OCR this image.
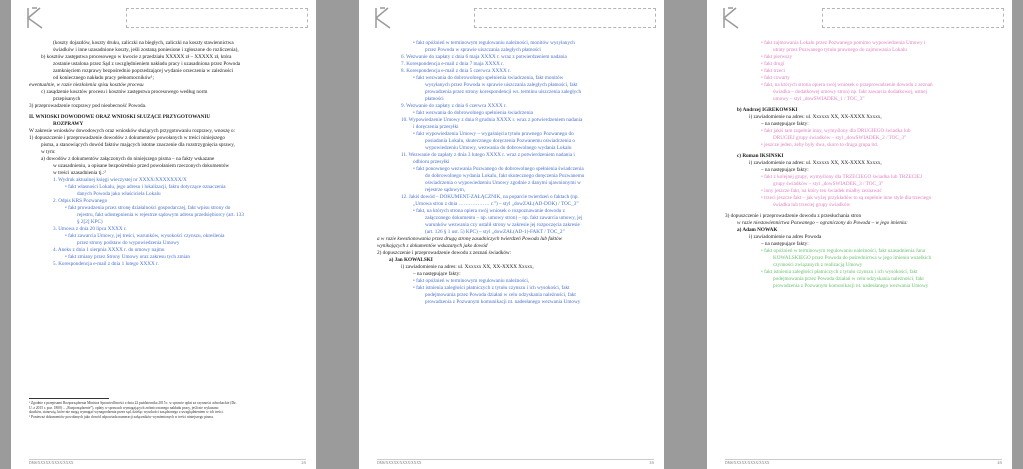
(koszty dojazdów, koszty druku, zaliczki na biegłych, zaliczki na koszty stawiennictwa
świadków i inne uzasadnione koszty, jeśli zostaną poniesione i zgłoszone do rozliczenia),
b) kosztów zastępstwa procesowego w kwocie z przedziału XXXXX zł – XXXXX zł, która
zostanie ustalona przez Sąd z uwzględnieniem nakładu pracy i uzasadniona przez Powoda
zamknięciem rozprawy bezpośrednio poprzedzającej wydanie orzeczenia w zależności
od koniecznego nakładu pracy pełnomocników¹;
ewentualnie, w razie niezłożenia spisu kosztów procesu
c) zasądzenie kosztów procesu i kosztów zastępstwa procesowego według norm
przepisanych
3) przeprowadzenie rozprawy pod nieobecność Powoda.
II. WNIOSKI DOWODOWE ORAZ WNIOSKI SŁUŻĄCE PRZYGOTOWANIU
ROZPRAWY
W zakresie wniosków dowodowych oraz wniosków służących przygotowaniu rozprawy, wnoszę o:
1) dopuszczenie i przeprowadzenie dowodów z dokumentów powołanych w treści niniejszego
pisma, a stanowiących dowód faktów mających istotne znaczenie dla rozstrzygnięcia sprawy,
w tym:
a) dowodów z dokumentów załączonych do niniejszego pisma – na fakty wskazane
w uzasadnieniu, a opisane bezpośrednio przed powołaniem rzeczonych dokumentów
w treści uzasadnienia tj.:²
1. Wydruk aktualnej księgi wieczystej nr XXXX/XXXXXXX/X
• fakt własności Lokalu, jego adresu i lokalizacji, faktu dotyczące oznaczenia
danych Powoda jako właściciela Lokalu
2. Odpis KRS Pozwanego
• fakt prowadzenia przez stronę działalności gospodarczej, fakt wpisu strony do
rejestru, fakt udostępnienia w rejestrze sądowym adresu przedsiębiorcy (art. 133
§ 2[2] KPC)
3. Umowa z dnia 20 lipca XXXX r.
• fakt zawarcia Umowy, jej treści, warunków, wysokości czynszu, określenia
przez strony podstaw do wypowiedzenia Umowy
4. Aneks z dnia 1 sierpnia XXXX r. do umowy najmu
• fakt zmiany przez Strony Umowy oraz zakresu tych zmian
5. Korespondencja e-mail z dnia 1 lutego XXXX r.
¹ Zgodnie z przepisami Rozporządzenia Ministra Sprawiedliwości z dnia 22 października 2015 r. w sprawie opłat za czynności adwokackie (Dz.
U. z 2015 r. poz. 1800) – „Rozporządzenie”), opłaty w sprawach wymagających zróżnicowanego nakładu pracy, jeśli nie wykazano
skutków, stanowią, które nie mogą wymagać wynagrodzenia przez sąd, dzieląc wysokości zasądzonego z uwzględnieniem w ich treści.
² Ponieważ dokumentów powołanych jako dowód odpowiada numeracji załączników wymienionych w treści niniejszego pisma.
DMS/XXXXX/XXXX/XXXX	2/6
• fakt opóźnień w terminowym regulowaniu należności, monitów wysyłanych
przez Powoda w sprawie uiszczania zaległych płatności
6. Wezwanie do zapłaty z dnia 6 maja XXXX r. wraz z potwierdzeniem nadania
7. Korespondencja e-mail z dnia 7 maja XXXX r.
8. Korespondencja e-mail z dnia 5 czerwca XXXX r.
• fakt wezwania do dobrowolnego spełnienia świadczenia, fakt monitów
wysyłanych przez Powoda w sprawie uiszczania zaległych płatności, fakt
prowadzenia przez strony korespondencji ws. terminu uiszczenia zaległych
płatności
9. Wezwanie do zapłaty z dnia 6 czerwca XXXX r.
• fakt wezwania do dobrowolnego spełnienia świadczenia
10. Wypowiedzenie Umowy z dnia 8 grudnia XXXX r. wraz z potwierdzeniem nadania
i doręczenia przesyłki
• fakt wypowiedzenia Umowy – wygaśnięcia tytułu prawnego Pozwanego do
posiadania Lokalu, skutecznego doręczenia Pozwanemu oświadczenia o
wypowiedzeniu Umowy, wezwania do dobrowolnego wydania Lokalu
11. Wezwanie do zapłaty z dnia 3 lutego XXXX r. wraz z potwierdzeniem nadania i
odbioru przesyłki
• fakt ponownego wezwania Pozwanego do dobrowolnego spełnienia świadczenia
do dobrowolnego wydania Lokalu, fakt skutecznego doręczenia Pozwanemu
oświadczenia o wypowiedzeniu Umowy zgodnie z danymi ujawnionymi w
rejestrze sądowym,
12. Jakiś dowód – DOKUMENT-ZAŁĄCZNIK, na poparcie twierdzeń o faktach (np.
„Umowa stron z dnia ……………… r.”) – styl „dowZAŁ(AD-DOK) / TOC_3”
• fakt, na których strona opiera swój wniosek o rozpoznawanie dowodu z
załączonego dokumentu – np. umowy stron) – np. fakt zawarcia umowy, jej
warunków wezwania czy ustalił strony w zakresie jej rozpoczęcia zakresie
(art. 126 § 1 ust. 5) KPC) – styl „dowZAŁ(AD-1)-FAKT / TOC_2”
a w razie kwestionowania przez drugą stronę zasadniczych twierdzeń Powoda lub faktów
wynikających z dokumentów wskazanych jako dowód
2) dopuszczenie i przeprowadzenie dowodu z zeznań świadków:
a) Jan KOWALSKI
i) zawiadomienie na adres: ul. Xxxxxx XX, XX-XXXX Xxxxx,
– na następujące fakty:
• fakt opóźnień w terminowym regulowaniu należności,
• fakt istnienia zaległości płatniczych z tytułu czynszu i ich wysokości, fakt
podejmowania przez Powoda działań w celu odzyskania należności, fakt
prowadzenia z Pozwanym komunikacji nt. nadesłanego wezwania Umowy
DMS/XXXXX/XXXX/XXXX	3/6
• fakt zajmowania Lokalu przez Pozwanego pomimo wypowiedzenia Umowy i
utraty przez Pozwanego tytułu prawnego do zajmowania Lokalu
• fakt pierwszy
• fakt drugi
• fakt trzeci
• fakt czwarty
• fakt, na których strona opiera swój wniosek o przeprowadzenie dowodu z zeznań
świadka – dodatkowej umowy stron) np. fakt zawarcia dodatkowej, ustnej
umowy – styl „dowŚWIADEK_1 / TOC_3”
b) Andrzej IGREKOWSKI
i) zawiadomienie na adres: ul. Xxxxxx XX, XX-XXXX Xxxxx,
– na następujące fakty:
• fakt jakiś tam zupełnie inny, wymyślony dla DRUGIEGO świadka lub
DRUGIEJ grupy świadków – styl „dowŚWIADEK_2 / TOC_3”
• jeszcze jeden, żeby były dwa, skoro to druga grupa itd.
c) Roman IKSIŃSKI
i) zawiadomienie na adres: ul. Xxxxxx XX, XX-XXXX Xxxxx,
– na następujące fakty:
• fakt z kolejnej grupy, wymyślony dla TRZECIEGO świadka lub TRZECIEJ
grupy świadków – styl „dowŚWIADEK_3 / TOC_3”
• inny jeszcze fakt, na który ten świadek miałby zeznawać
• trzeci jeszcze fakt – jak wyżej przykładów to są zupełnie inne style dla trzeciego
świadka lub trzeciej grupy świadków
3) dopuszczenie i przeprowadzenie dowodu z przesłuchania stron
w razie niestawiennictwa Pozwanego – ograniczony do Powoda – w jego imieniu:
a) Adam NOWAK
i) zawiadomienie na adres Powoda
– na następujące fakty:
• fakt opóźnień w terminowym regulowaniu należności, fakt uzasadnienia Jana
KOWALSKIEGO przez Powoda do pośrednictwa w jego imieniu wszelkich
czynności związanych z realizacją Umowy
• fakt istnienia zaległości płatniczych z tytułu czynszu i ich wysokości, fakt
podejmowania przez Powoda działań w celu odzyskania należności, fakt
prowadzenia z Pozwanym komunikacji nt. nadesłanego wezwania Umowy
DMS/XXXXX/XXXX/XXXX	4/6
